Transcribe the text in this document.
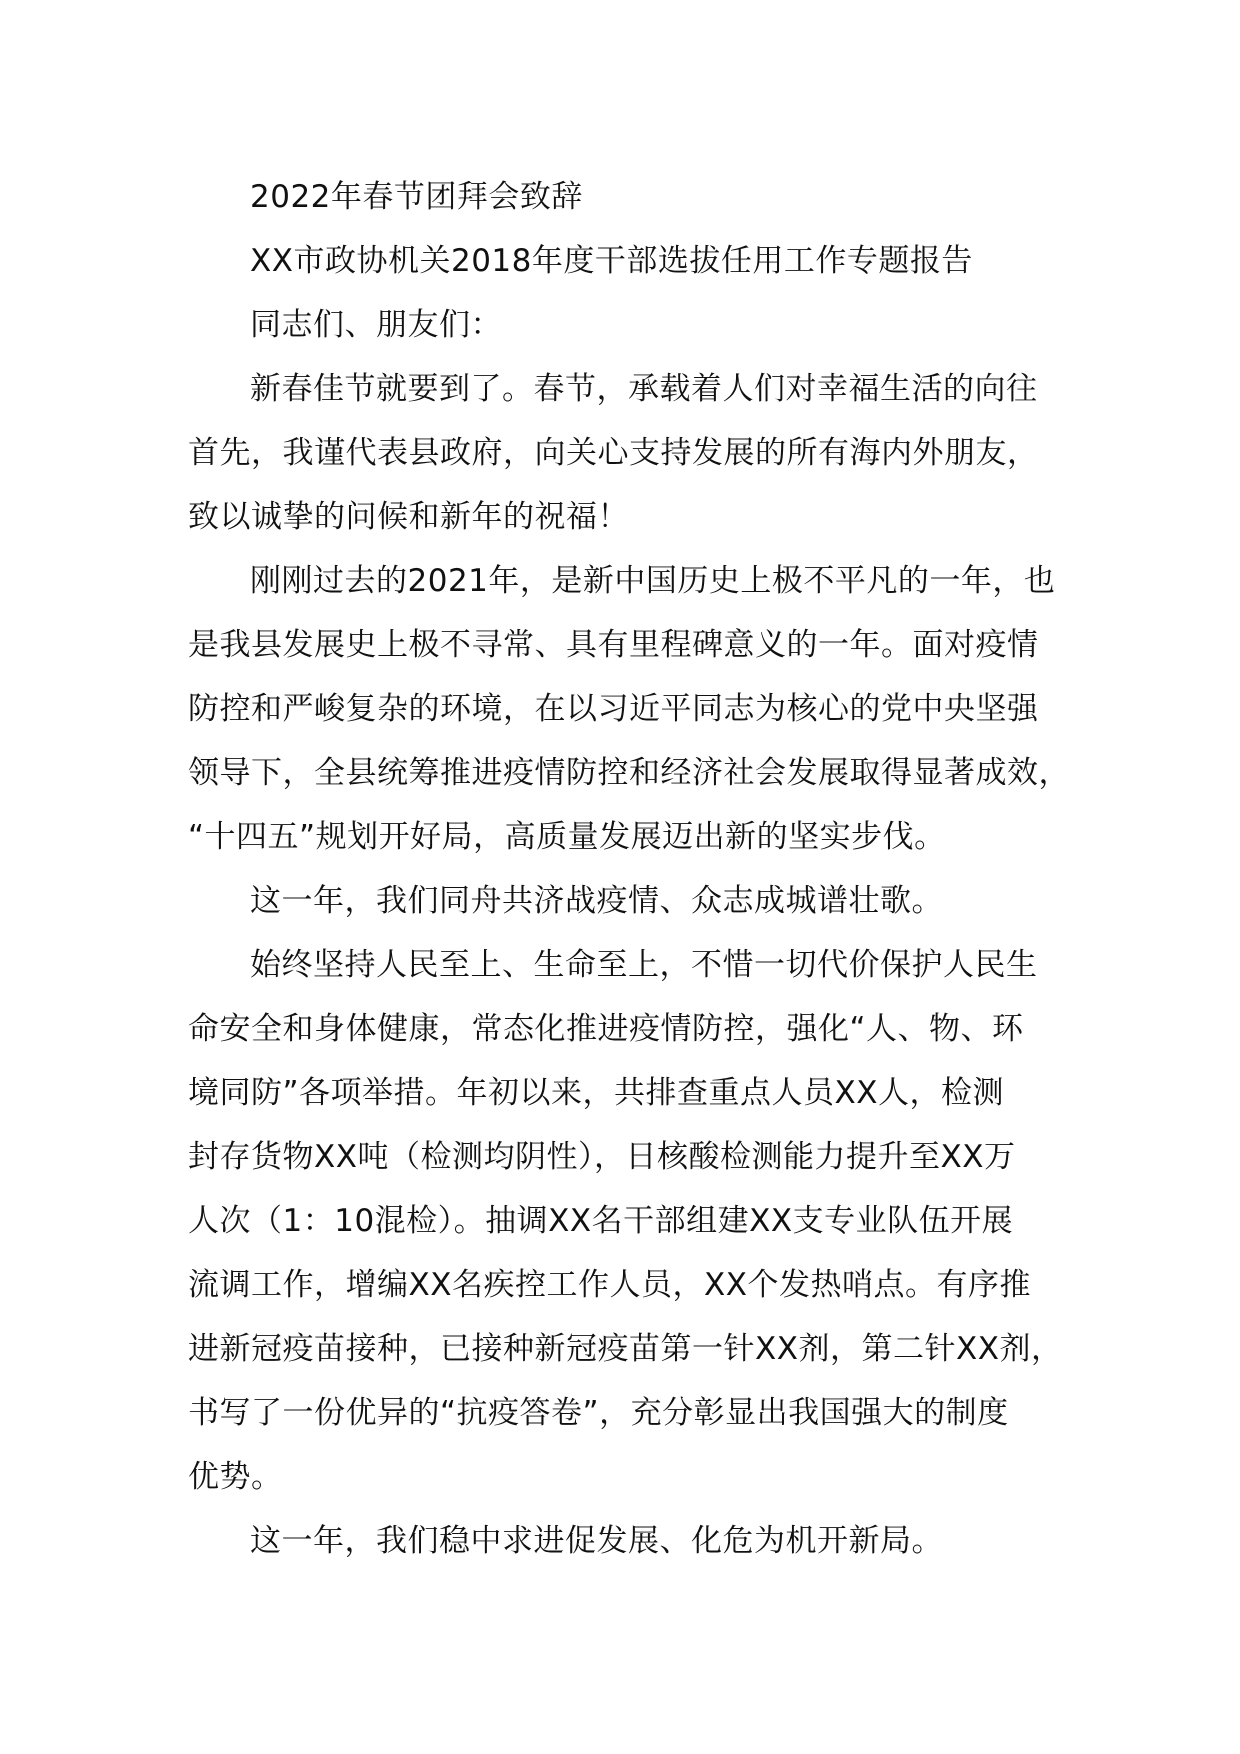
2022年春节团拜会致辞
XX市政协机关2018年度干部选拔任用工作专题报告
同志们、朋友们：
新春佳节就要到了。春节，承载着人们对幸福生活的向往
首先，我谨代表县政府，向关心支持发展的所有海内外朋友，
致以诚挚的问候和新年的祝福！
刚刚过去的2021年，是新中国历史上极不平凡的一年，也
是我县发展史上极不寻常、具有里程碑意义的一年。面对疫情
防控和严峻复杂的环境，在以习近平同志为核心的党中央坚强
领导下，全县统筹推进疫情防控和经济社会发展取得显著成效，
“十四五”规划开好局，高质量发展迈出新的坚实步伐。
这一年，我们同舟共济战疫情、众志成城谱壮歌。
始终坚持人民至上、生命至上，不惜一切代价保护人民生
命安全和身体健康，常态化推进疫情防控，强化“人、物、环
境同防”各项举措。年初以来，共排查重点人员XX人，检测
封存货物XX吨（检测均阴性），日核酸检测能力提升至XX万
人次（1：10混检）。抽调XX名干部组建XX支专业队伍开展
流调工作，增编XX名疾控工作人员，XX个发热哨点。有序推
进新冠疫苗接种，已接种新冠疫苗第一针XX剂，第二针XX剂，
书写了一份优异的“抗疫答卷”，充分彰显出我国强大的制度
优势。
这一年，我们稳中求进促发展、化危为机开新局。
